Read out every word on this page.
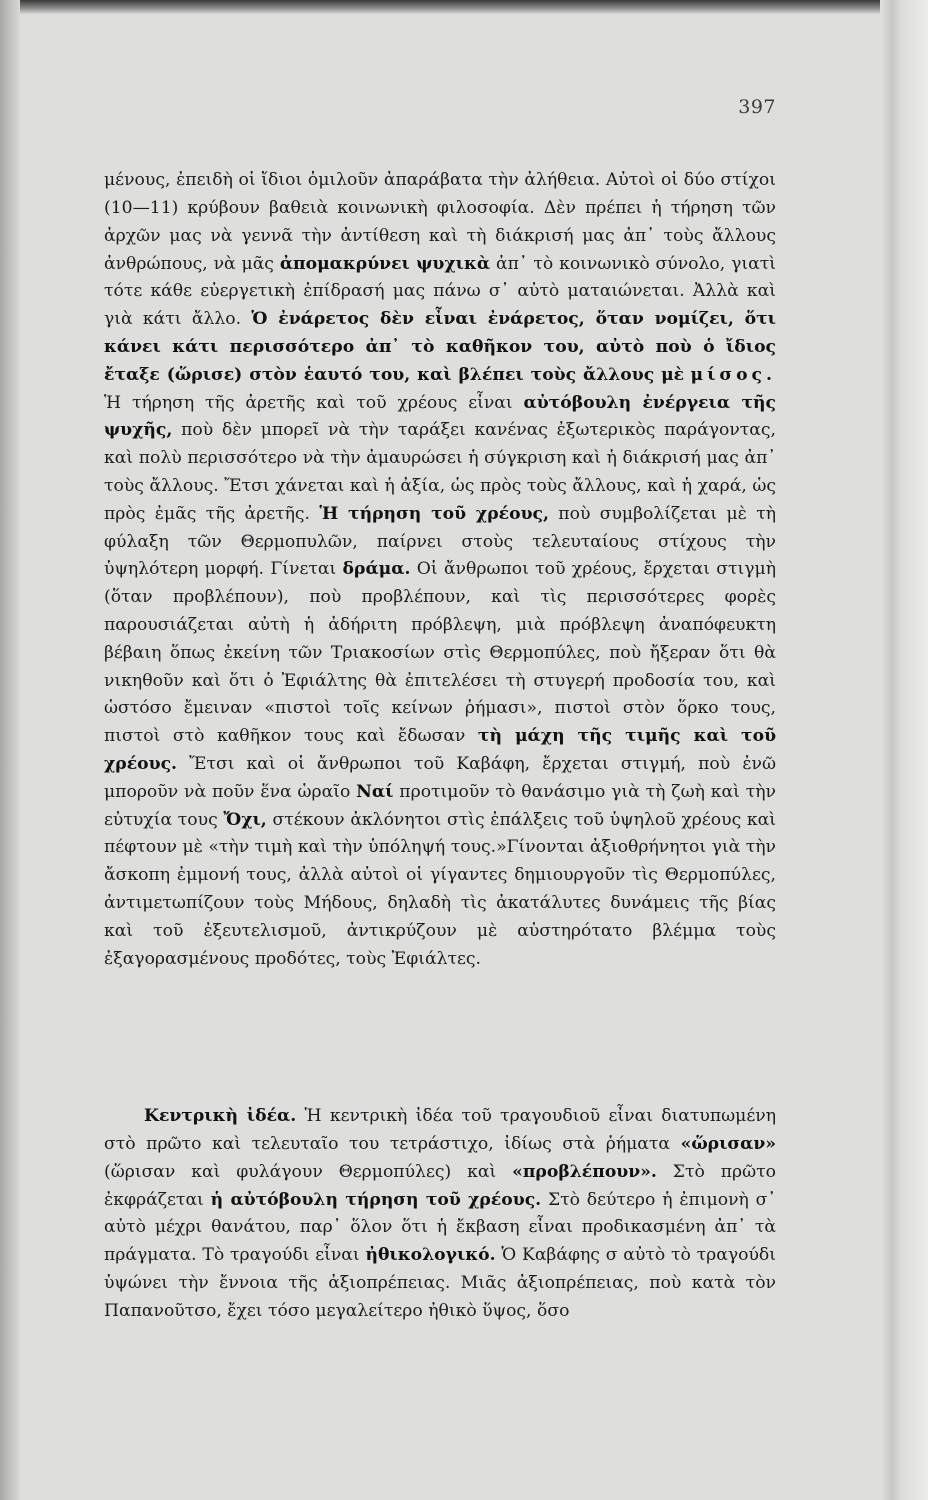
397

μένους, ἐπειδὴ οἱ ἴδιοι ὁμιλοῦν ἀπαράβατα τὴν ἀλήθεια. Αὐτοὶ οἱ δύο στίχοι (10—11) κρύβουν βαθειὰ κοινωνικὴ φιλοσοφία. Δὲν πρέπει ἡ τήρηση τῶν ἀρχῶν μας νὰ γεννᾶ τὴν ἀντίθεση καὶ τὴ διάκρισή μας ἀπ᾽ τοὺς ἄλλους ἀνθρώπους, νὰ μᾶς ἀπομακρύνει ψυχικὰ ἀπ᾽ τὸ κοινωνικὸ σύνολο, γιατὶ τότε κάθε εὐεργετικὴ ἐπίδρασή μας πάνω σ᾽ αὐτὸ ματαιώνεται. Ἀλλὰ καὶ γιὰ κάτι ἄλλο. Ὁ ἐνάρετος δὲν εἶναι ἐνάρετος, ὅταν νομίζει, ὅτι κάνει κάτι περισσότερο ἀπ᾽ τὸ καθῆκον του, αὐτὸ ποὺ ὁ ἴδιος ἔταξε (ὥρισε) στὸν ἑαυτό του, καὶ βλέπει τοὺς ἄλλους μὲ μίσος. Ἡ τήρηση τῆς ἀρετῆς καὶ τοῦ χρέους εἶναι αὐτόβουλη ἐνέργεια τῆς ψυχῆς, ποὺ δὲν μπορεῖ νὰ τὴν ταράξει κανένας ἐξωτερικὸς παράγοντας, καὶ πολὺ περισσότερο νὰ τὴν ἀμαυρώσει ἡ σύγκριση καὶ ἡ διάκρισή μας ἀπ᾽ τοὺς ἄλλους. Ἔτσι χάνεται καὶ ἡ ἀξία, ὡς πρὸς τοὺς ἄλλους, καὶ ἡ χαρά, ὡς πρὸς ἐμᾶς τῆς ἀρετῆς. Ἡ τήρηση τοῦ χρέους, ποὺ συμβολίζεται μὲ τὴ φύλαξη τῶν Θερμοπυλῶν, παίρνει στοὺς τελευταίους στίχους τὴν ὑψηλότερη μορφή. Γίνεται δράμα. Οἱ ἄνθρωποι τοῦ χρέους, ἔρχεται στιγμὴ (ὅταν προβλέπουν), ποὺ προβλέπουν, καὶ τὶς περισσότερες φορὲς παρουσιάζεται αὐτὴ ἡ ἀδήριτη πρόβλεψη, μιὰ πρόβλεψη ἀναπόφευκτη βέβαιη ὅπως ἐκείνη τῶν Τριακοσίων στὶς Θερμοπύλες, ποὺ ἤξεραν ὅτι θὰ νικηθοῦν καὶ ὅτι ὁ Ἐφιάλτης θὰ ἐπιτελέσει τὴ στυγερή προδοσία του, καὶ ὡστόσο ἔμειναν «πιστοὶ τοῖς κείνων ῥήμασι», πιστοὶ στὸν ὅρκο τους, πιστοὶ στὸ καθῆκον τους καὶ ἔδωσαν τὴ μάχη τῆς τιμῆς καὶ τοῦ χρέους. Ἔτσι καὶ οἱ ἄνθρωποι τοῦ Καβάφη, ἔρχεται στιγμή, ποὺ ἐνῶ μποροῦν νὰ ποῦν ἕνα ὡραῖο Ναί προτιμοῦν τὸ θανάσιμο γιὰ τὴ ζωὴ καὶ τὴν εὐτυχία τους Ὄχι, στέκουν ἀκλόνητοι στὶς ἐπάλξεις τοῦ ὑψηλοῦ χρέους καὶ πέφτουν μὲ «τὴν τιμὴ καὶ τὴν ὑπόληψή τους.»Γίνονται ἀξιοθρήνητοι γιὰ τὴν ἄσκοπη ἐμμονή τους, ἀλλὰ αὐτοὶ οἱ γίγαντες δημιουργοῦν τὶς Θερμοπύλες, ἀντιμετωπίζουν τοὺς Μήδους, δηλαδὴ τὶς ἀκατάλυτες δυνάμεις τῆς βίας καὶ τοῦ ἐξευτελισμοῦ, ἀντικρύζουν μὲ αὐστηρότατο βλέμμα τοὺς ἐξαγορασμένους προδότες, τοὺς Ἐφιάλτες.

Κεντρικὴ ἰδέα. Ἡ κεντρικὴ ἰδέα τοῦ τραγουδιοῦ εἶναι διατυπωμένη στὸ πρῶτο καὶ τελευταῖο του τετράστιχο, ἰδίως στὰ ῥήματα «ὥρισαν» (ὥρισαν καὶ φυλάγουν Θερμοπύλες) καὶ «προβλέπουν». Στὸ πρῶτο ἐκφράζεται ἡ αὐτόβουλη τήρηση τοῦ χρέους. Στὸ δεύτερο ἡ ἐπιμονὴ σ᾽ αὐτὸ μέχρι θανάτου, παρ᾽ ὅλον ὅτι ἡ ἔκβαση εἶναι προδικασμένη ἀπ᾽ τὰ πράγματα. Τὸ τραγούδι εἶναι ἠθικολογικό. Ὁ Καβάφης σ αὐτὸ τὸ τραγούδι ὑψώνει τὴν ἔννοια τῆς ἀξιοπρέπειας. Μιᾶς ἀξιοπρέπειας, ποὺ κατὰ τὸν Παπανοῦτσο, ἔχει τόσο μεγαλείτερο ἠθικὸ ὕψος, ὅσο
